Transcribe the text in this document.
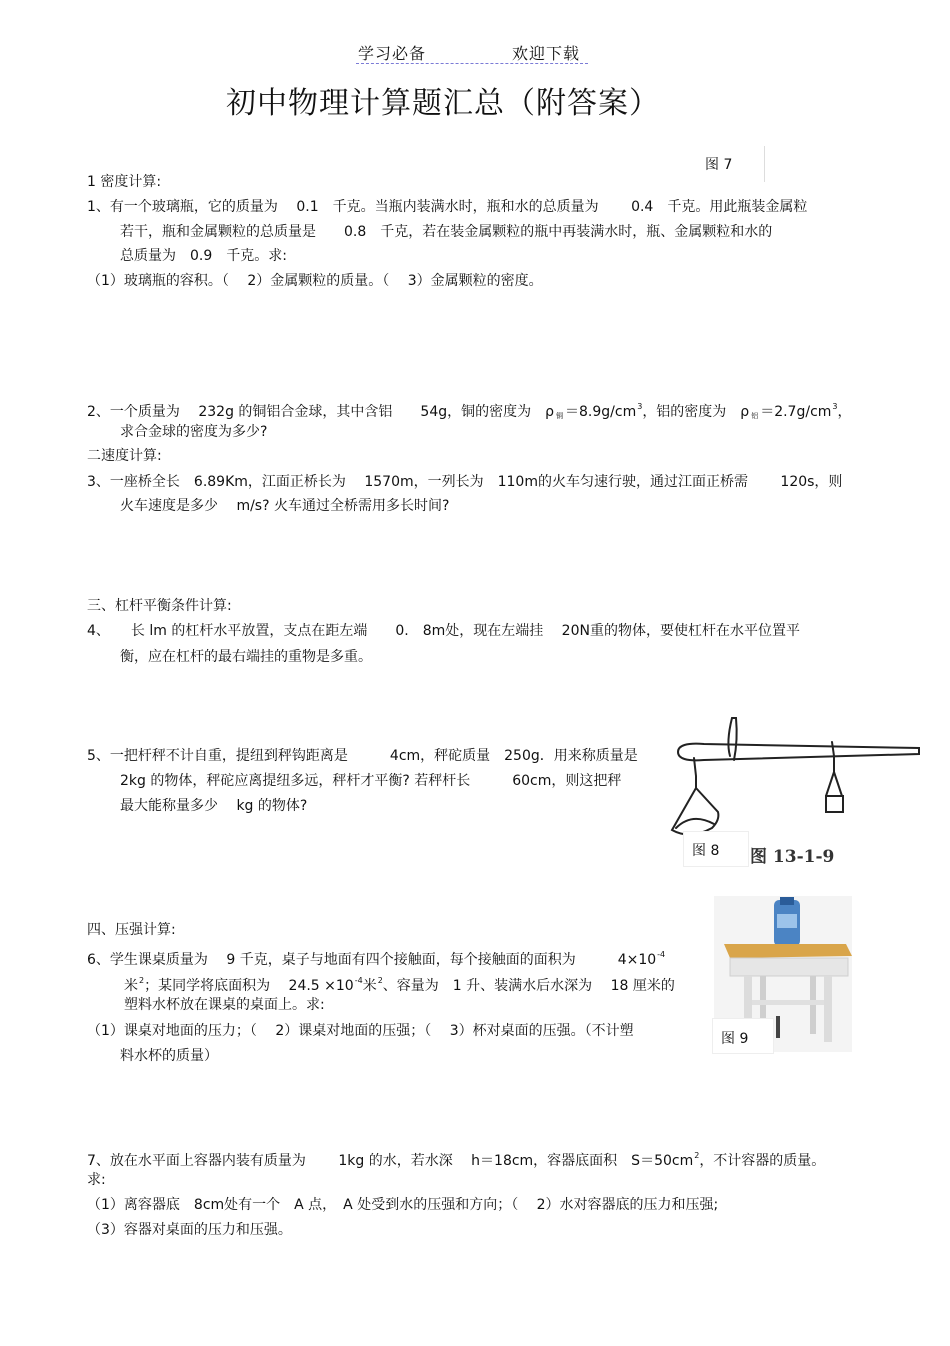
学习必备	欢迎下载
初中物理计算题汇总（附答案）
图 7
1 密度计算:
1、有一个玻璃瓶，它的质量为　 0.1　千克。当瓶内装满水时，瓶和水的总质量为　　 0.4　千克。用此瓶装金属粒
若干，瓶和金属颗粒的总质量是　　0.8　千克，若在装金属颗粒的瓶中再装满水时，瓶、金属颗粒和水的
总质量为　0.9　千克。求:
（1）玻璃瓶的容积。（　 2）金属颗粒的质量。（　 3）金属颗粒的密度。
2、一个质量为　 232g 的铜铝合金球，其中含铝　　54g，铜的密度为　ρ $_铜 =8.9g/cm^3$，铝的密度为　ρ $_铝 =2.7g/cm^3$，
求合金球的密度为多少?
二速度计算:
3、一座桥全长　6.89Km，江面正桥长为　 1570m，一列长为　110m的火车匀速行驶，通过江面正桥需　　 120s，则
火车速度是多少　 m/s? 火车通过全桥需用多长时间?
三、杠杆平衡条件计算:
4、　　长 lm 的杠杆水平放置，支点在距左端　　0.　8m处，现在左端挂　 20N重的物体，要使杠杆在水平位置平
衡，应在杠杆的最右端挂的重物是多重。
5、一把杆秤不计自重，提纽到秤钩距离是　　　4cm，秤砣质量　250g．用来称质量是
2kg 的物体，秤砣应离提纽多远，秤杆才平衡? 若秤杆长　　　60cm，则这把秤
最大能称量多少　 kg 的物体?
图 8 图 13-1-9
四、压强计算:
6、学生课桌质量为　 9 千克，桌子与地面有四个接触面，每个接触面的面积为　　　$4\times 10^{-4}$
米$^2$；某同学将底面积为　 $24.5 \times 10^{-4}$米$^2$、容量为　1 升、装满水后水深为　 18 厘米的
塑料水杯放在课桌的桌面上。求:
（1）课桌对地面的压力；（　 2）课桌对地面的压强；（　 3）杯对桌面的压强。（不计塑
料水杯的质量）
图 9
7、放在水平面上容器内装有质量为　　 1kg 的水，若水深　 h＝18cm，容器底面积　$S=50cm^2$，不计容器的质量。
求:
（1）离容器底　8cm处有一个　A 点，　A 处受到水的压强和方向；（　 2）水对容器底的压力和压强;
（3）容器对桌面的压力和压强。
